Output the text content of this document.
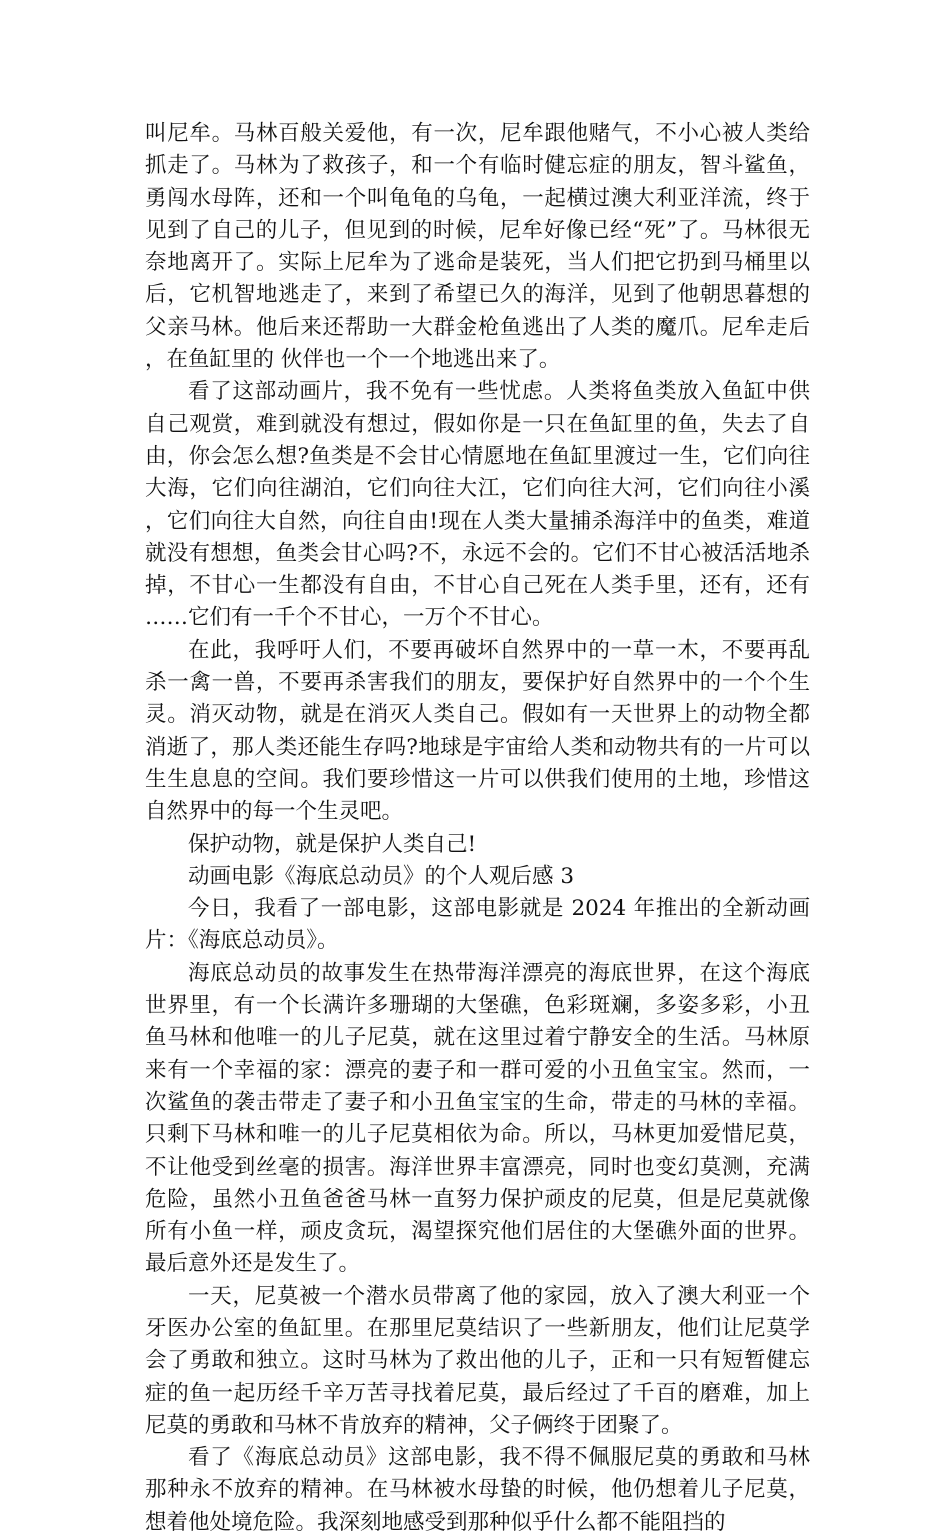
叫尼牟。马林百般关爱他，有一次，尼牟跟他赌气，不小心被人类给抓走了。马林为了救孩子，和一个有临时健忘症的朋友，智斗鲨鱼，勇闯水母阵，还和一个叫龟龟的乌龟，一起横过澳大利亚洋流，终于见到了自己的儿子，但见到的时候，尼牟好像已经“死”了。马林很无奈地离开了。实际上尼牟为了逃命是装死，当人们把它扔到马桶里以后，它机智地逃走了，来到了希望已久的海洋，见到了他朝思暮想的父亲马林。他后来还帮助一大群金枪鱼逃出了人类的魔爪。尼牟走后，在鱼缸里的 伙伴也一个一个地逃出来了。

看了这部动画片，我不免有一些忧虑。人类将鱼类放入鱼缸中供自己观赏，难到就没有想过，假如你是一只在鱼缸里的鱼，失去了自由，你会怎么想?鱼类是不会甘心情愿地在鱼缸里渡过一生，它们向往大海，它们向往湖泊，它们向往大江，它们向往大河，它们向往小溪，它们向往大自然，向往自由!现在人类大量捕杀海洋中的鱼类，难道就没有想想，鱼类会甘心吗?不，永远不会的。它们不甘心被活活地杀掉，不甘心一生都没有自由，不甘心自己死在人类手里，还有，还有……它们有一千个不甘心，一万个不甘心。

在此，我呼吁人们，不要再破坏自然界中的一草一木，不要再乱杀一禽一兽，不要再杀害我们的朋友，要保护好自然界中的一个个生灵。消灭动物，就是在消灭人类自己。假如有一天世界上的动物全都消逝了，那人类还能生存吗?地球是宇宙给人类和动物共有的一片可以生生息息的空间。我们要珍惜这一片可以供我们使用的土地，珍惜这自然界中的每一个生灵吧。

保护动物，就是保护人类自己!

动画电影《海底总动员》的个人观后感 3

今日，我看了一部电影，这部电影就是 2024 年推出的全新动画片：《海底总动员》。

海底总动员的故事发生在热带海洋漂亮的海底世界，在这个海底世界里，有一个长满许多珊瑚的大堡礁，色彩斑斓，多姿多彩，小丑鱼马林和他唯一的儿子尼莫，就在这里过着宁静安全的生活。马林原来有一个幸福的家：漂亮的妻子和一群可爱的小丑鱼宝宝。然而，一次鲨鱼的袭击带走了妻子和小丑鱼宝宝的生命，带走的马林的幸福。只剩下马林和唯一的儿子尼莫相依为命。所以，马林更加爱惜尼莫，不让他受到丝毫的损害。海洋世界丰富漂亮，同时也变幻莫测，充满危险，虽然小丑鱼爸爸马林一直努力保护顽皮的尼莫，但是尼莫就像所有小鱼一样，顽皮贪玩，渴望探究他们居住的大堡礁外面的世界。最后意外还是发生了。

一天，尼莫被一个潜水员带离了他的家园，放入了澳大利亚一个牙医办公室的鱼缸里。在那里尼莫结识了一些新朋友，他们让尼莫学会了勇敢和独立。这时马林为了救出他的儿子，正和一只有短暂健忘症的鱼一起历经千辛万苦寻找着尼莫，最后经过了千百的磨难，加上尼莫的勇敢和马林不肯放弃的精神，父子俩终于团聚了。

看了《海底总动员》这部电影，我不得不佩服尼莫的勇敢和马林那种永不放弃的精神。在马林被水母蛰的时候，他仍想着儿子尼莫，想着他处境危险。我深刻地感受到那种似乎什么都不能阻挡的
